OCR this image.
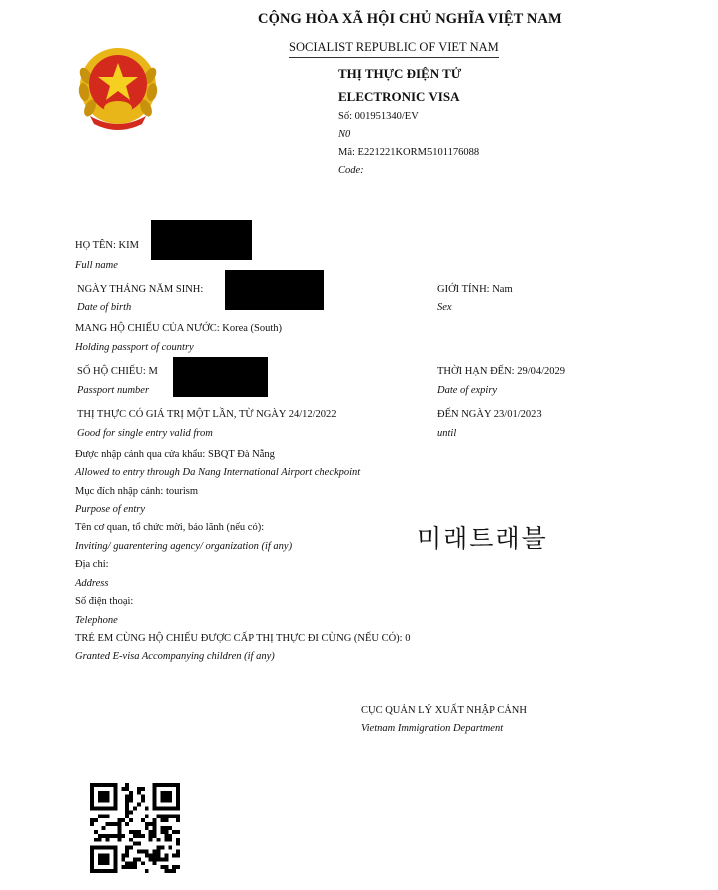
CỘNG HÒA XÃ HỘI CHỦ NGHĨA VIỆT NAM
SOCIALIST REPUBLIC OF VIET NAM
THỊ THỰC ĐIỆN TỬ
ELECTRONIC VISA
Số: 001951340/EV
N0
Mã: E221221KORM5101176088
Code:
HỌ TÊN: KIM
Full name
NGÀY THÁNG NĂM SINH:
Date of birth
GIỚI TÍNH: Nam
Sex
MANG HỘ CHIẾU CỦA NƯỚC: Korea (South)
Holding passport of country
SỐ HỘ CHIẾU: M
Passport number
THỜI HẠN ĐẾN: 29/04/2029
Date of expiry
THỊ THỰC CÓ GIÁ TRỊ MỘT LẦN, TỪ NGÀY 24/12/2022
Good for single entry valid from
ĐẾN NGÀY 23/01/2023
until
Được nhập cảnh qua cửa khẩu: SBQT Đà Nẵng
Allowed to entry through Da Nang International Airport checkpoint
Mục đích nhập cảnh: tourism
Purpose of entry
Tên cơ quan, tổ chức mời, bảo lãnh (nếu có):
Inviting/ guarentering agency/ organization (if any)	미래트래블
Địa chỉ:
Address
Số điện thoại:
Telephone
TRẺ EM CÙNG HỘ CHIẾU ĐƯỢC CẤP THỊ THỰC ĐI CÙNG (NẾU CÓ): 0
Granted E-visa Accompanying children (if any)
CỤC QUẢN LÝ XUẤT NHẬP CẢNH
Vietnam Immigration Department
